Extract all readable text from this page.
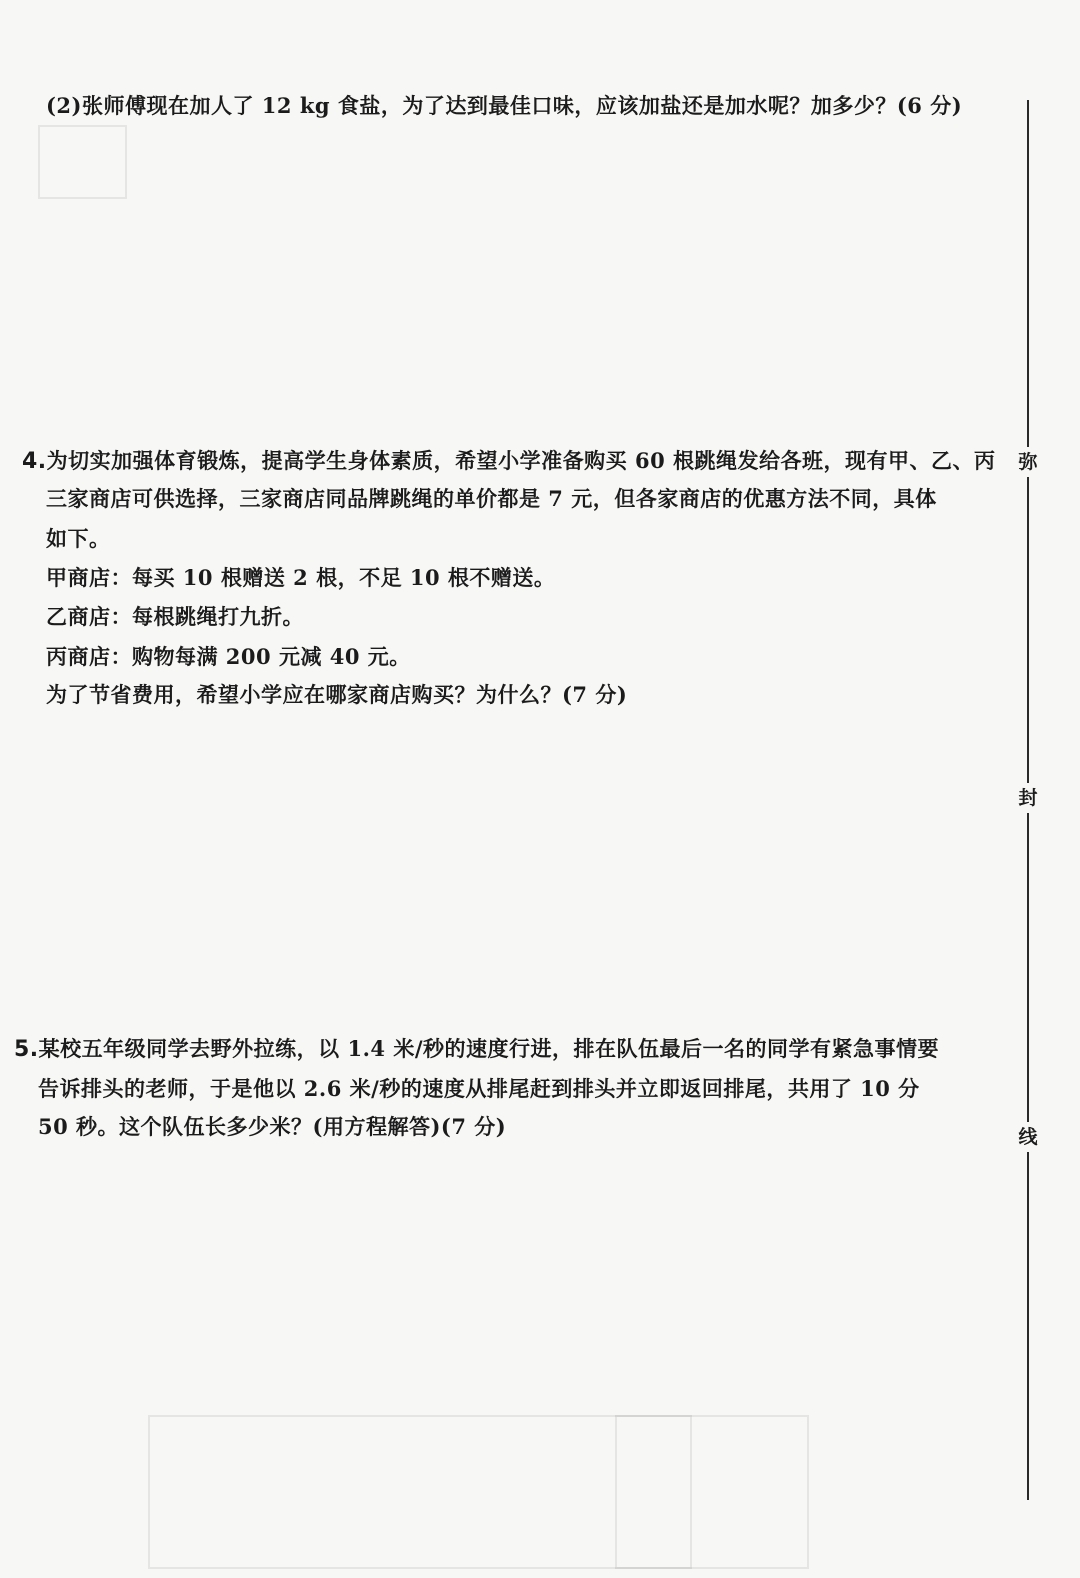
(2)张师傅现在加人了 12 kg 食盐，为了达到最佳口味，应该加盐还是加水呢？加多少？(6 分)
4.为切实加强体育锻炼，提高学生身体素质，希望小学准备购买 60 根跳绳发给各班，现有甲、乙、丙
三家商店可供选择，三家商店同品牌跳绳的单价都是 7 元，但各家商店的优惠方法不同，具体
如下。
甲商店：每买 10 根赠送 2 根，不足 10 根不赠送。
乙商店：每根跳绳打九折。
丙商店：购物每满 200 元减 40 元。
为了节省费用，希望小学应在哪家商店购买？为什么？(7 分)
5.某校五年级同学去野外拉练，以 1.4 米/秒的速度行进，排在队伍最后一名的同学有紧急事情要
告诉排头的老师，于是他以 2.6 米/秒的速度从排尾赶到排头并立即返回排尾，共用了 10 分
50 秒。这个队伍长多少米？(用方程解答)(7 分)
弥
封
线
